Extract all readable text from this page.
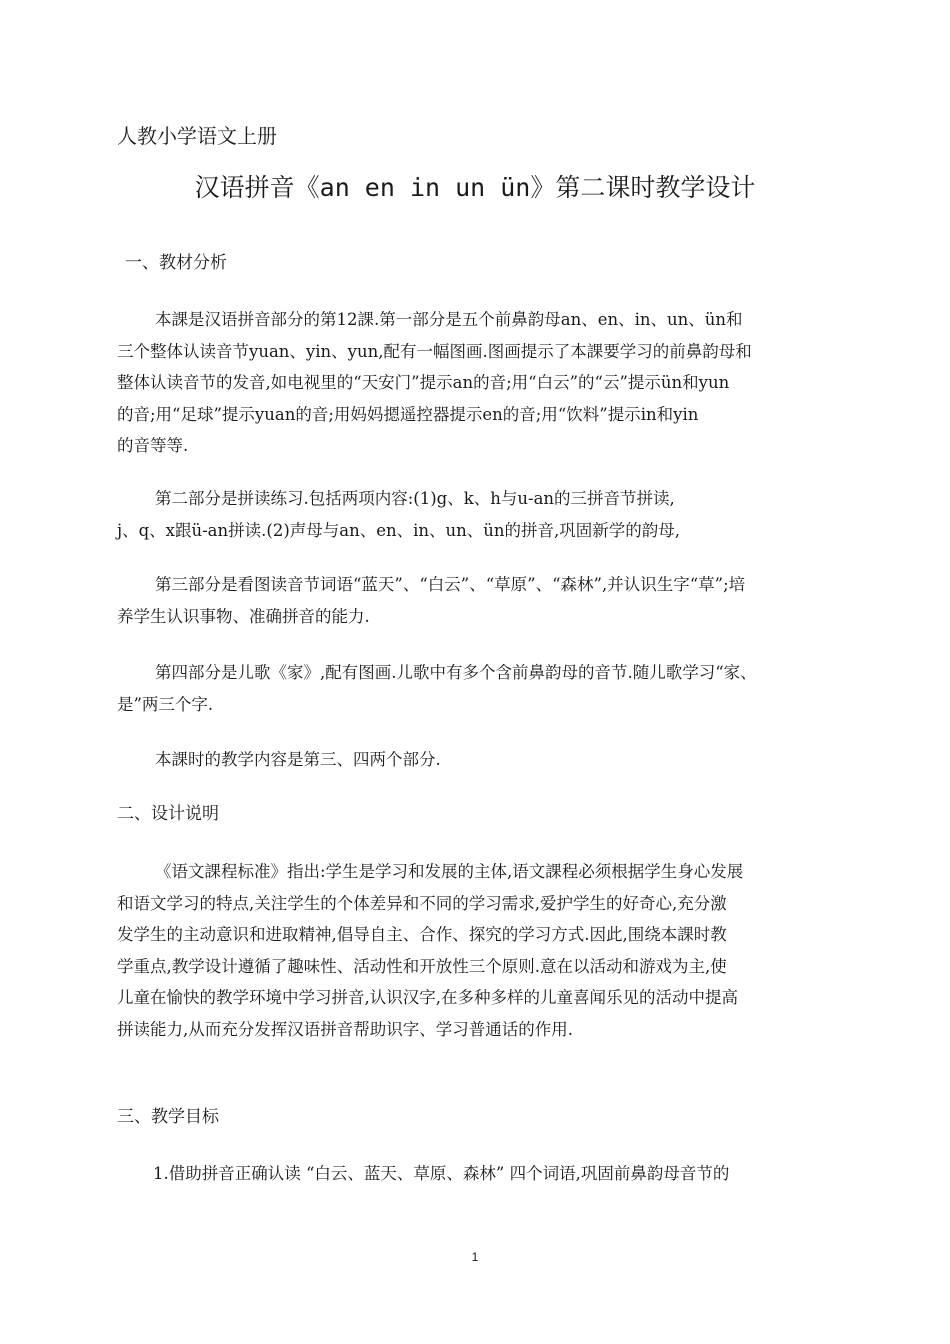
人教小学语文上册
汉语拼音《an en in un ün》第二课时教学设计
一、教材分析
本課是汉语拼音部分的第12課.第一部分是五个前鼻韵母an、en、in、un、ün和
三个整体认读音节yuan、yin、yun,配有一幅图画.图画提示了本課要学习的前鼻韵母和
整体认读音节的发音,如电视里的“天安门”提示an的音;用“白云”的“云”提示ün和yun
的音;用“足球”提示yuan的音;用妈妈摁遥控器提示en的音;用“饮料”提示in和yin
的音等等.
第二部分是拼读练习.包括两项内容:(1)g、k、h与u-an的三拼音节拼读,
j、q、x跟ü-an拼读.(2)声母与an、en、in、un、ün的拼音,巩固新学的韵母,
第三部分是看图读音节词语“蓝天”、“白云”、“草原”、“森林”,并认识生字“草”;培
养学生认识事物、准确拼音的能力.
第四部分是儿歌《家》,配有图画.儿歌中有多个含前鼻韵母的音节.随儿歌学习“家、
是”两三个字.
本課时的教学内容是第三、四两个部分.
二、设计说明
《语文課程标准》指出:学生是学习和发展的主体,语文課程必须根据学生身心发展
和语文学习的特点,关注学生的个体差异和不同的学习需求,爱护学生的好奇心,充分激
发学生的主动意识和进取精神,倡导自主、合作、探究的学习方式.因此,围绕本課时教
学重点,教学设计遵循了趣味性、活动性和开放性三个原则.意在以活动和游戏为主,使
儿童在愉快的教学环境中学习拼音,认识汉字,在多种多样的儿童喜闻乐见的活动中提高
拼读能力,从而充分发挥汉语拼音帮助识字、学习普通话的作用.
三、教学目标
1.借助拼音正确认读 “白云、蓝天、草原、森林” 四个词语,巩固前鼻韵母音节的
1
